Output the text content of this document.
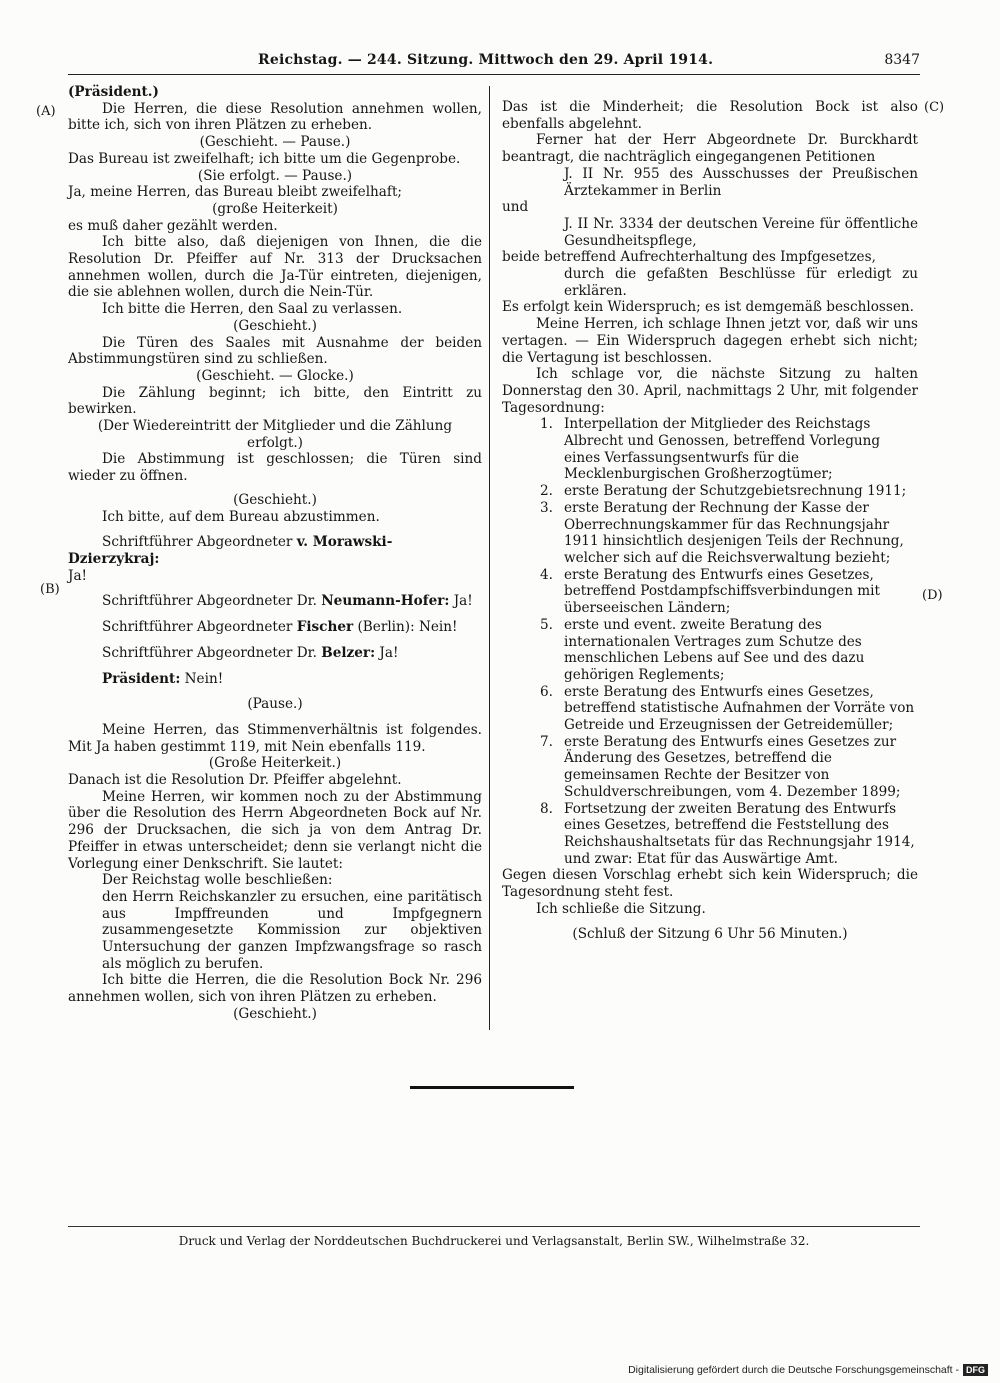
Reichstag. — 244. Sitzung. Mittwoch den 29. April 1914.	8347
(A)
(B)
(C)
(D)

(Präsident.)

Die Herren, die diese Resolution annehmen wollen, bitte ich, sich von ihren Plätzen zu erheben.

(Geschieht. — Pause.)

Das Bureau ist zweifelhaft; ich bitte um die Gegenprobe.

(Sie erfolgt. — Pause.)

Ja, meine Herren, das Bureau bleibt zweifelhaft;

(große Heiterkeit)

es muß daher gezählt werden.

Ich bitte also, daß diejenigen von Ihnen, die die Resolution Dr. Pfeiffer auf Nr. 313 der Drucksachen annehmen wollen, durch die Ja-Tür eintreten, diejenigen, die sie ablehnen wollen, durch die Nein-Tür.

Ich bitte die Herren, den Saal zu verlassen.

(Geschieht.)

Die Türen des Saales mit Ausnahme der beiden Abstimmungstüren sind zu schließen.

(Geschieht. — Glocke.)

Die Zählung beginnt; ich bitte, den Eintritt zu bewirken.

(Der Wiedereintritt der Mitglieder und die Zählung erfolgt.)

Die Abstimmung ist geschlossen; die Türen sind wieder zu öffnen.

(Geschieht.)

Ich bitte, auf dem Bureau abzustimmen.

Schriftführer Abgeordneter v. Morawski-Dzierzykraj:

Ja!

Schriftführer Abgeordneter Dr. Neumann-Hofer: Ja!

Schriftführer Abgeordneter Fischer (Berlin): Nein!

Schriftführer Abgeordneter Dr. Belzer: Ja!

Präsident: Nein!

(Pause.)

Meine Herren, das Stimmenverhältnis ist folgendes. Mit Ja haben gestimmt 119, mit Nein ebenfalls 119.

(Große Heiterkeit.)

Danach ist die Resolution Dr. Pfeiffer abgelehnt.

Meine Herren, wir kommen noch zu der Abstimmung über die Resolution des Herrn Abgeordneten Bock auf Nr. 296 der Drucksachen, die sich ja von dem Antrag Dr. Pfeiffer in etwas unterscheidet; denn sie verlangt nicht die Vorlegung einer Denkschrift. Sie lautet:

Der Reichstag wolle beschließen:

den Herrn Reichskanzler zu ersuchen, eine paritätisch aus Impffreunden und Impfgegnern zusammengesetzte Kommission zur objektiven Untersuchung der ganzen Impfzwangsfrage so rasch als möglich zu berufen.

Ich bitte die Herren, die die Resolution Bock Nr. 296 annehmen wollen, sich von ihren Plätzen zu erheben.

(Geschieht.)

Das ist die Minderheit; die Resolution Bock ist also ebenfalls abgelehnt.

Ferner hat der Herr Abgeordnete Dr. Burckhardt beantragt, die nachträglich eingegangenen Petitionen

J. II Nr. 955 des Ausschusses der Preußischen Ärztekammer in Berlin

und

J. II Nr. 3334 der deutschen Vereine für öffentliche Gesundheitspflege,

beide betreffend Aufrechterhaltung des Impfgesetzes,

durch die gefaßten Beschlüsse für erledigt zu erklären.

Es erfolgt kein Widerspruch; es ist demgemäß beschlossen.

Meine Herren, ich schlage Ihnen jetzt vor, daß wir uns vertagen. — Ein Widerspruch dagegen erhebt sich nicht; die Vertagung ist beschlossen.

Ich schlage vor, die nächste Sitzung zu halten Donnerstag den 30. April, nachmittags 2 Uhr, mit folgender Tagesordnung:

1. Interpellation der Mitglieder des Reichstags Albrecht und Genossen, betreffend Vorlegung eines Verfassungsentwurfs für die Mecklenburgischen Großherzogtümer;
2. erste Beratung der Schutzgebietsrechnung 1911;
3. erste Beratung der Rechnung der Kasse der Oberrechnungskammer für das Rechnungsjahr 1911 hinsichtlich desjenigen Teils der Rechnung, welcher sich auf die Reichsverwaltung bezieht;
4. erste Beratung des Entwurfs eines Gesetzes, betreffend Postdampfschiffsverbindungen mit überseeischen Ländern;
5. erste und event. zweite Beratung des internationalen Vertrages zum Schutze des menschlichen Lebens auf See und des dazu gehörigen Reglements;
6. erste Beratung des Entwurfs eines Gesetzes, betreffend statistische Aufnahmen der Vorräte von Getreide und Erzeugnissen der Getreidemüller;
7. erste Beratung des Entwurfs eines Gesetzes zur Änderung des Gesetzes, betreffend die gemeinsamen Rechte der Besitzer von Schuldverschreibungen, vom 4. Dezember 1899;
8. Fortsetzung der zweiten Beratung des Entwurfs eines Gesetzes, betreffend die Feststellung des Reichshaushaltsetats für das Rechnungsjahr 1914, und zwar: Etat für das Auswärtige Amt.

Gegen diesen Vorschlag erhebt sich kein Widerspruch; die Tagesordnung steht fest.

Ich schließe die Sitzung.

(Schluß der Sitzung 6 Uhr 56 Minuten.)

Druck und Verlag der Norddeutschen Buchdruckerei und Verlagsanstalt, Berlin SW., Wilhelmstraße 32.
Digitalisierung gefördert durch die Deutsche Forschungsgemeinschaft - DFG
